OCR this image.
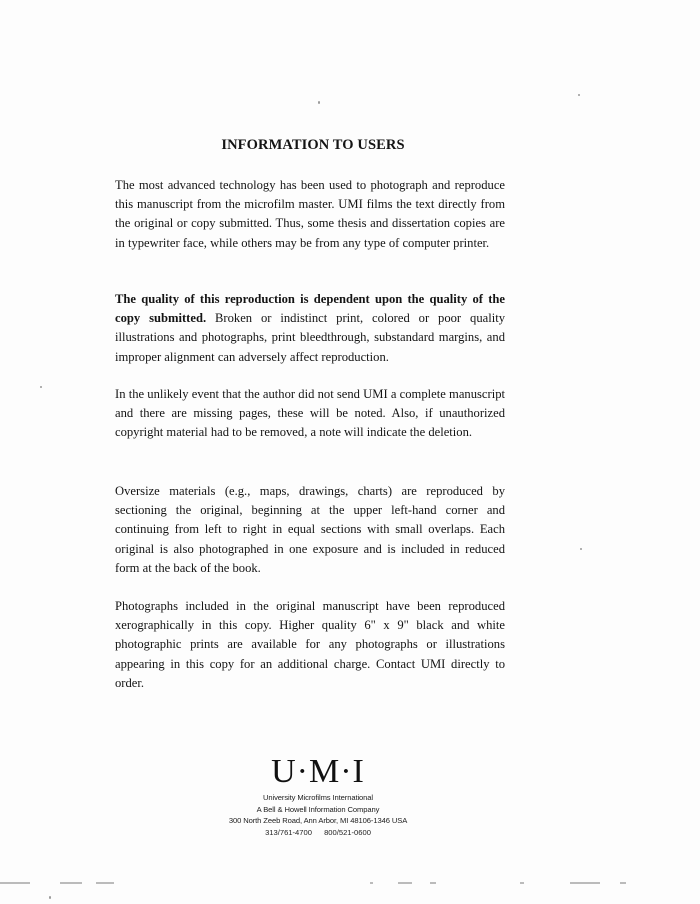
INFORMATION TO USERS

The most advanced technology has been used to photograph and reproduce this manuscript from the microfilm master. UMI films the text directly from the original or copy submitted. Thus, some thesis and dissertation copies are in typewriter face, while others may be from any type of computer printer.

The quality of this reproduction is dependent upon the quality of the copy submitted. Broken or indistinct print, colored or poor quality illustrations and photographs, print bleedthrough, substandard margins, and improper alignment can adversely affect reproduction.

In the unlikely event that the author did not send UMI a complete manuscript and there are missing pages, these will be noted. Also, if unauthorized copyright material had to be removed, a note will indicate the deletion.

Oversize materials (e.g., maps, drawings, charts) are reproduced by sectioning the original, beginning at the upper left-hand corner and continuing from left to right in equal sections with small overlaps. Each original is also photographed in one exposure and is included in reduced form at the back of the book.

Photographs included in the original manuscript have been reproduced xerographically in this copy. Higher quality 6" x 9" black and white photographic prints are available for any photographs or illustrations appearing in this copy for an additional charge. Contact UMI directly to order.

U·M·I
University Microfilms International
A Bell & Howell Information Company
300 North Zeeb Road, Ann Arbor, MI 48106-1346 USA
313/761-4700 800/521-0600
